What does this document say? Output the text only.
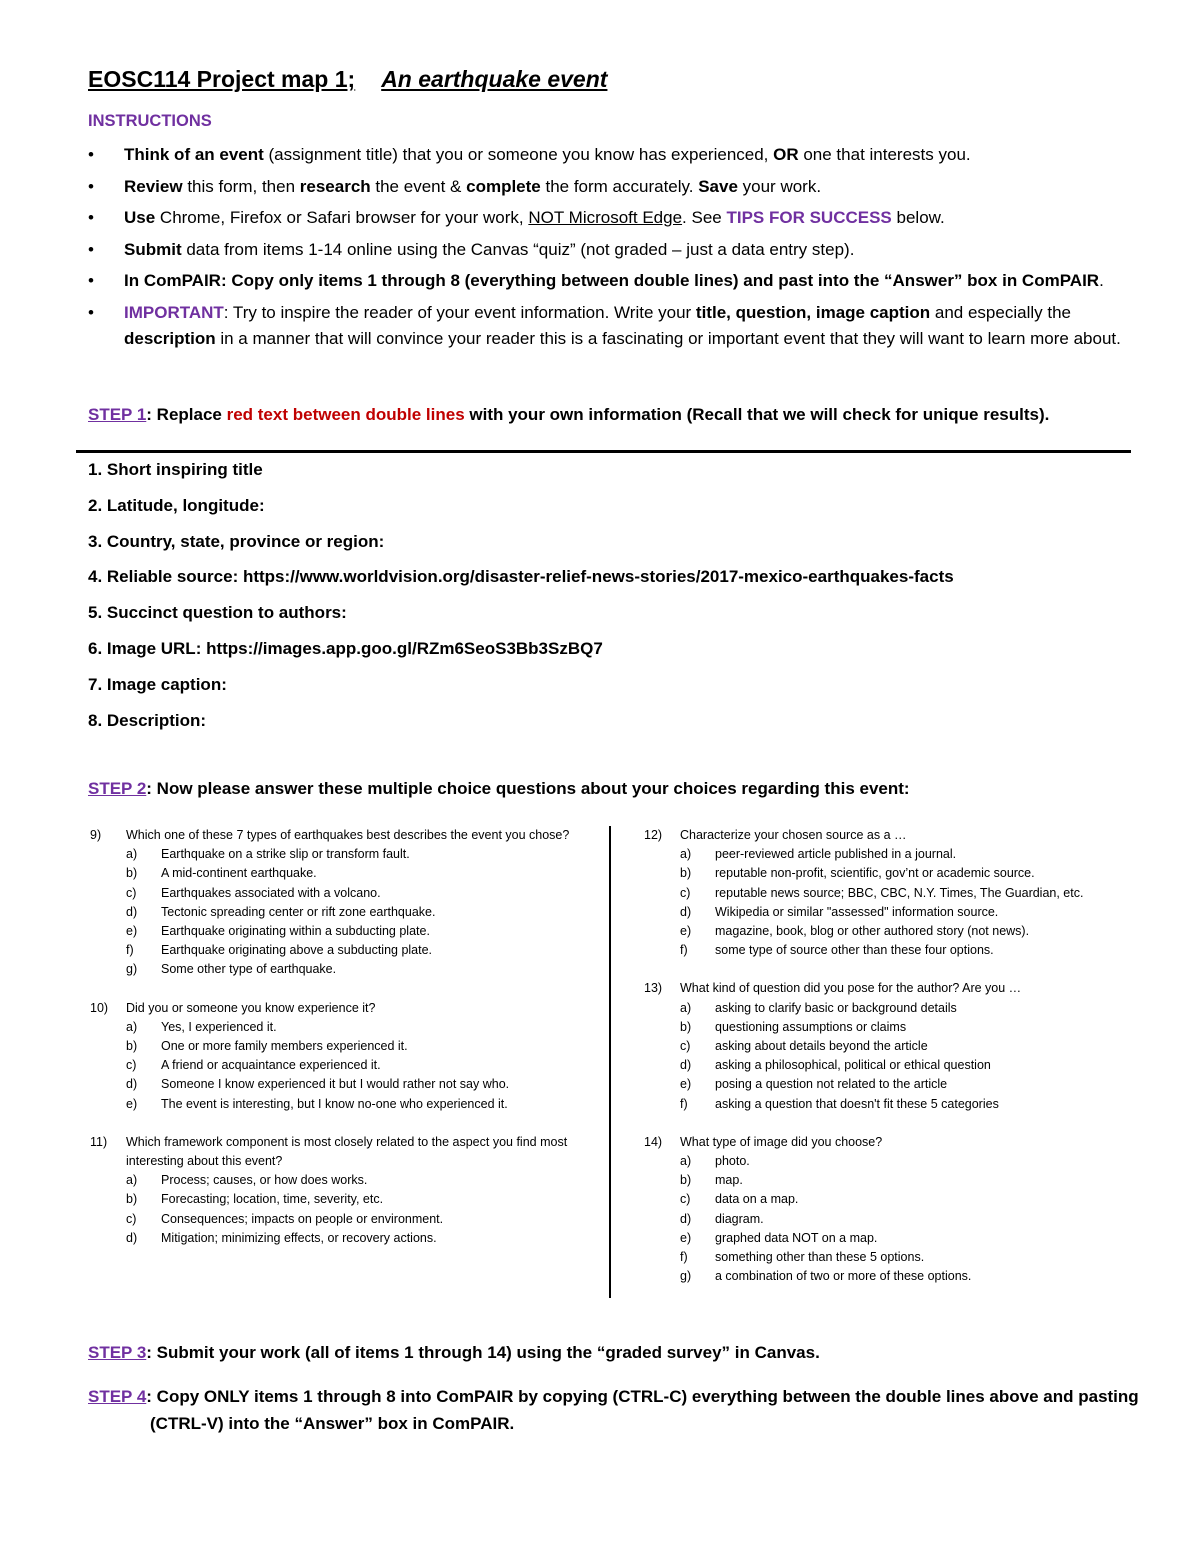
EOSC114 Project map 1; An earthquake event
INSTRUCTIONS
• Think of an event (assignment title) that you or someone you know has experienced, OR one that interests you.
• Review this form, then research the event & complete the form accurately. Save your work.
• Use Chrome, Firefox or Safari browser for your work, NOT Microsoft Edge. See TIPS FOR SUCCESS below.
• Submit data from items 1-14 online using the Canvas “quiz” (not graded – just a data entry step).
• In ComPAIR: Copy only items 1 through 8 (everything between double lines) and past into the “Answer” box in ComPAIR.
• IMPORTANT: Try to inspire the reader of your event information. Write your title, question, image caption and especially the description in a manner that will convince your reader this is a fascinating or important event that they will want to learn more about.
STEP 1: Replace red text between double lines with your own information (Recall that we will check for unique results).
1. Short inspiring title
2. Latitude, longitude:
3. Country, state, province or region:
4. Reliable source: https://www.worldvision.org/disaster-relief-news-stories/2017-mexico-earthquakes-facts
5. Succinct question to authors:
6. Image URL: https://images.app.goo.gl/RZm6SeoS3Bb3SzBQ7
7. Image caption:
8. Description:
STEP 2: Now please answer these multiple choice questions about your choices regarding this event:
9) Which one of these 7 types of earthquakes best describes the event you chose?
a) Earthquake on a strike slip or transform fault.
b) A mid-continent earthquake.
c) Earthquakes associated with a volcano.
d) Tectonic spreading center or rift zone earthquake.
e) Earthquake originating within a subducting plate.
f) Earthquake originating above a subducting plate.
g) Some other type of earthquake.
10) Did you or someone you know experience it?
a) Yes, I experienced it.
b) One or more family members experienced it.
c) A friend or acquaintance experienced it.
d) Someone I know experienced it but I would rather not say who.
e) The event is interesting, but I know no-one who experienced it.
11) Which framework component is most closely related to the aspect you find most interesting about this event?
a) Process; causes, or how does works.
b) Forecasting; location, time, severity, etc.
c) Consequences; impacts on people or environment.
d) Mitigation; minimizing effects, or recovery actions.
12) Characterize your chosen source as a …
a) peer-reviewed article published in a journal.
b) reputable non-profit, scientific, gov’nt or academic source.
c) reputable news source; BBC, CBC, N.Y. Times, The Guardian, etc.
d) Wikipedia or similar "assessed" information source.
e) magazine, book, blog or other authored story (not news).
f) some type of source other than these four options.
13) What kind of question did you pose for the author? Are you …
a) asking to clarify basic or background details
b) questioning assumptions or claims
c) asking about details beyond the article
d) asking a philosophical, political or ethical question
e) posing a question not related to the article
f) asking a question that doesn't fit these 5 categories
14) What type of image did you choose?
a) photo.
b) map.
c) data on a map.
d) diagram.
e) graphed data NOT on a map.
f) something other than these 5 options.
g) a combination of two or more of these options.
STEP 3: Submit your work (all of items 1 through 14) using the “graded survey” in Canvas.
STEP 4: Copy ONLY items 1 through 8 into ComPAIR by copying (CTRL-C) everything between the double lines above and pasting (CTRL-V) into the “Answer” box in ComPAIR.
